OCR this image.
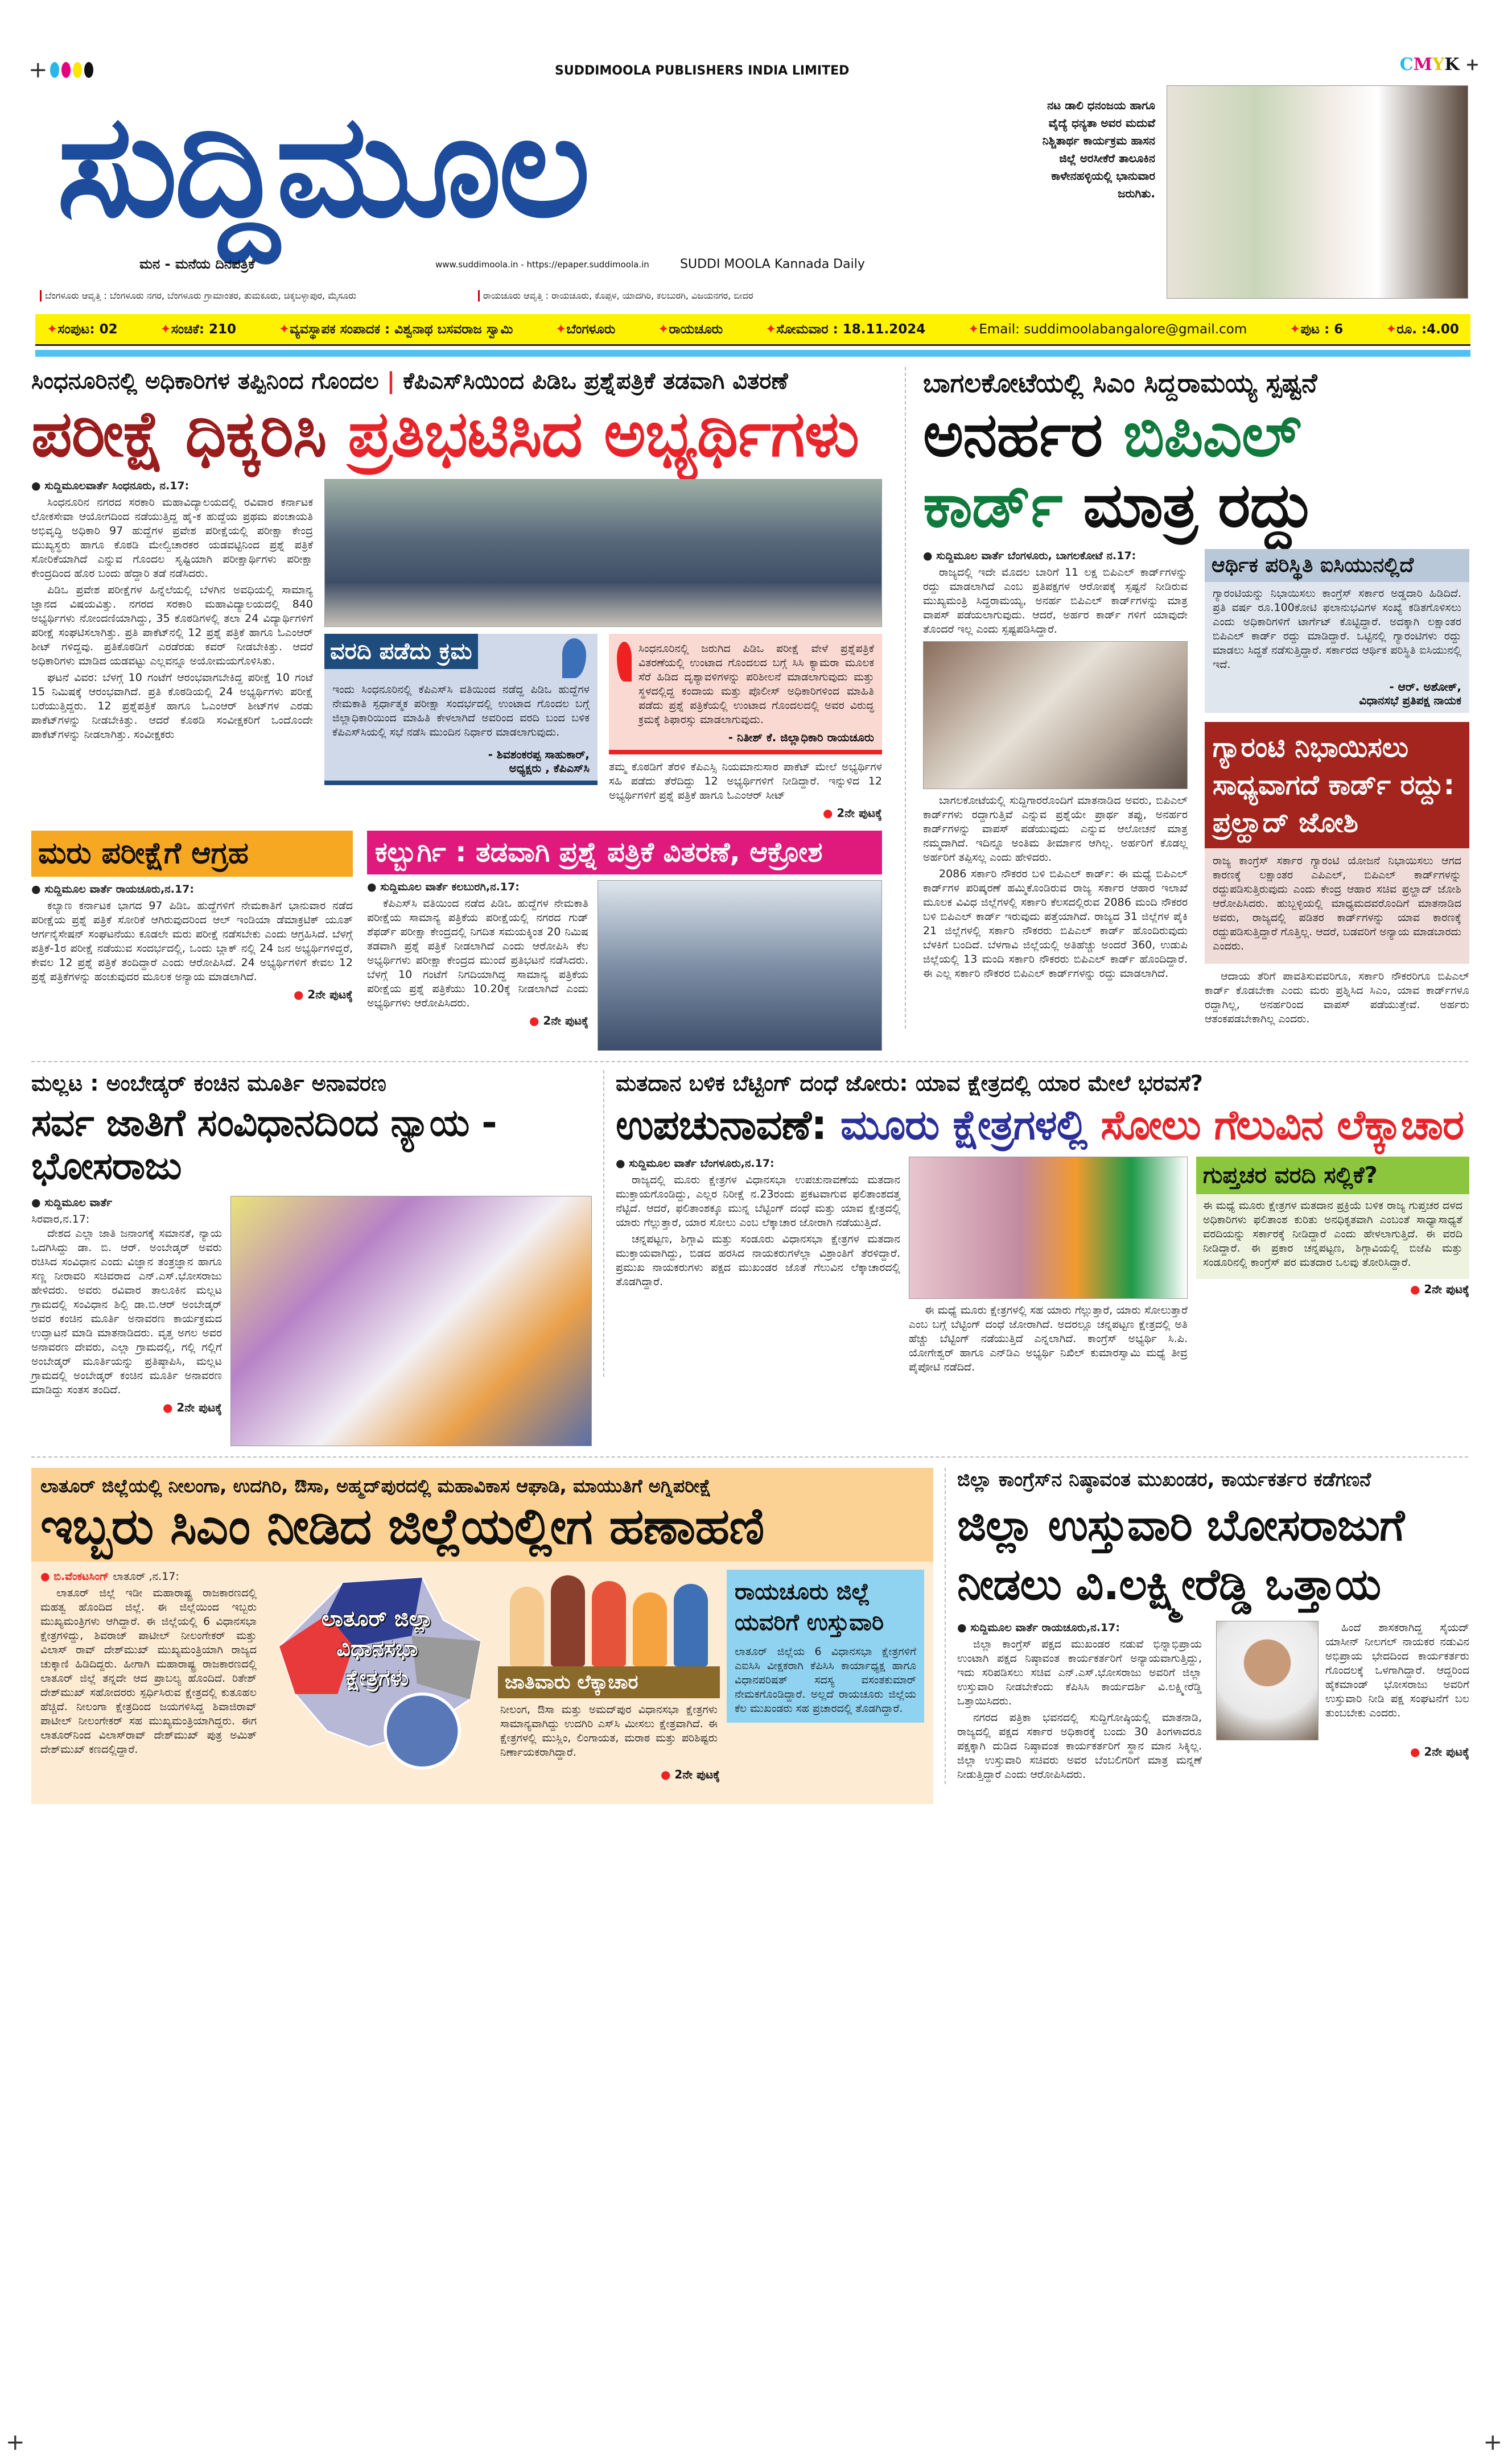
+	CMYK +
SUDDIMOOLA PUBLISHERS INDIA LIMITED
ಸುದ್ದಿಮೂಲ
ಮನ - ಮನೆಯ ದಿನಪತ್ರಿಕೆ	www.suddimoola.in - https://epaper.suddimoola.in SUDDI MOOLA Kannada Daily
ಬೆಂಗಳೂರು ಆವೃತ್ತಿ : ಬೆಂಗಳೂರು ನಗರ, ಬೆಂಗಳೂರು ಗ್ರಾಮಾಂತರ, ತುಮಕೂರು, ಚಿಕ್ಕಬಳ್ಳಾಪುರ, ಮೈಸೂರು	ರಾಯಚೂರು ಆವೃತ್ತಿ : ರಾಯಚೂರು, ಕೊಪ್ಪಳ, ಯಾದಗಿರಿ, ಕಲಬುರಗಿ, ವಿಜಯನಗರ, ಬೀದರ
ನಟ ಡಾಲಿ ಧನಂಜಯ ಹಾಗೂ ವೈದ್ಯೆ ಧನ್ಯತಾ ಅವರ ಮದುವೆ ನಿಶ್ಚಿತಾರ್ಥ ಕಾರ್ಯಕ್ರಮ ಹಾಸನ ಜಿಲ್ಲೆ ಅರಸೀಕೆರೆ ತಾಲೂಕಿನ ಕಾಳೇನಹಳ್ಳಿಯಲ್ಲಿ ಭಾನುವಾರ ಜರುಗಿತು.
✦ಸಂಪುಟ: 02	✦ಸಂಚಿಕೆ: 210	✦ವ್ಯವಸ್ಥಾಪಕ ಸಂಪಾದಕ : ವಿಶ್ವನಾಥ ಬಸವರಾಜ ಸ್ವಾಮಿ	✦ಬೆಂಗಳೂರು	✦ರಾಯಚೂರು	✦ಸೋಮವಾರ : 18.11.2024	✦Email: suddimoolabangalore@gmail.com	✦ಪುಟ : 6	✦ರೂ. :4.00
ಸಿಂಧನೂರಿನಲ್ಲಿ ಅಧಿಕಾರಿಗಳ ತಪ್ಪಿನಿಂದ ಗೊಂದಲ | ಕೆಪಿಎಸ್‌ಸಿಯಿಂದ ಪಿಡಿಒ ಪ್ರಶ್ನೆಪತ್ರಿಕೆ ತಡವಾಗಿ ವಿತರಣೆ
ಪರೀಕ್ಷೆ ಧಿಕ್ಕರಿಸಿ ಪ್ರತಿಭಟಿಸಿದ ಅಭ್ಯರ್ಥಿಗಳು
● ಸುದ್ದಿಮೂಲವಾರ್ತೆ ಸಿಂಧನೂರು, ನ.17:

ಸಿಂಧನೂರಿನ ನಗರದ ಸರಕಾರಿ ಮಹಾವಿದ್ಯಾಲಯದಲ್ಲಿ ರವಿವಾರ ಕರ್ನಾಟಕ ಲೋಕಸೇವಾ ಆಯೋಗದಿಂದ ನಡೆಯುತ್ತಿದ್ದ ಹೈ-ಕ ಹುದ್ದೆಯ ಪ್ರಥಮ ಪಂಚಾಯತಿ ಅಭಿವೃದ್ಧಿ ಅಧಿಕಾರಿ 97 ಹುದ್ದೆಗಳ ಪ್ರವೇಶ ಪರೀಕ್ಷೆಯಲ್ಲಿ ಪರೀಕ್ಷಾ ಕೇಂದ್ರ ಮುಖ್ಯಸ್ಥರು ಹಾಗೂ ಕೊಠಡಿ ಮೇಲ್ವಿಚಾರಕರ ಯಡವಟ್ಟಿನಿಂದ ಪ್ರಶ್ನೆ ಪತ್ರಿಕೆ ಸೋರಿಕೆಯಾಗಿದೆ ಎನ್ನುವ ಗೊಂದಲ ಸೃಷ್ಟಿಯಾಗಿ ಪರೀಕ್ಷಾರ್ಥಿಗಳು ಪರೀಕ್ಷಾ ಕೇಂದ್ರದಿಂದ ಹೊರ ಬಂದು ಹೆದ್ದಾರಿ ತಡೆ ನಡೆಸಿದರು.

ಪಿಡಿಒ ಪ್ರವೇಶ ಪರೀಕ್ಷೆಗಳ ಹಿನ್ನೆಲೆಯಲ್ಲಿ ಬೆಳಗಿನ ಅವಧಿಯಲ್ಲಿ ಸಾಮಾನ್ಯ ಜ್ಞಾನದ ವಿಷಯವಿತ್ತು. ನಗರದ ಸರಕಾರಿ ಮಹಾವಿದ್ಯಾಲಯದಲ್ಲಿ 840 ಅಭ್ಯರ್ಥಿಗಳು ನೋಂದಣಿಯಾಗಿದ್ದು, 35 ಕೊಠಡಿಗಳಲ್ಲಿ ತಲಾ 24 ವಿದ್ಯಾರ್ಥಿಗಳಿಗೆ ಪರೀಕ್ಷೆ ಸಂಘಟಿಸಲಾಗಿತ್ತು. ಪ್ರತಿ ಪಾಕೆಟ್‌ನಲ್ಲಿ 12 ಪ್ರಶ್ನೆ ಪತ್ರಿಕೆ ಹಾಗೂ ಓಎಂಆರ್ ಶೀಟ್ ಗಳಿದ್ದವು. ಪ್ರತಿಕೊಠಡಿಗೆ ಎರಡೆರಡು ಕವರ್ ನೀಡಬೇಕಿತ್ತು. ಆದರೆ ಅಧಿಕಾರಿಗಳು ಮಾಡಿದ ಯಡವಟ್ಟು ಎಲ್ಲವನ್ನೂ ಅಯೋಮಯಗೊಳಿಸಿತು.

ಘಟನೆ ವಿವರ: ಬೆಳಗ್ಗೆ 10 ಗಂಟೆಗೆ ಆರಂಭವಾಗಬೇಕಿದ್ದ ಪರೀಕ್ಷೆ 10 ಗಂಟೆ 15 ನಿಮಿಷಕ್ಕೆ ಆರಂಭವಾಗಿದೆ. ಪ್ರತಿ ಕೊಠಡಿಯಲ್ಲಿ 24 ಅಭ್ಯರ್ಥಿಗಳು ಪರೀಕ್ಷೆ ಬರೆಯುತ್ತಿದ್ದರು. 12 ಪ್ರಶ್ನೆಪತ್ರಿಕೆ ಹಾಗೂ ಓಎಂಆರ್ ಶೀಟ್‌ಗಳ ಎರಡು ಪಾಕೆಟ್‌ಗಳನ್ನು ನೀಡಬೇಕಿತ್ತು. ಆದರೆ ಕೊಠಡಿ ಸಂವೀಕ್ಷಕರಿಗೆ ಒಂದೊಂದೇ ಪಾಕೆಟ್‌ಗಳನ್ನು ನೀಡಲಾಗಿತ್ತು. ಸಂವೀಕ್ಷಕರು

ವರದಿ ಪಡೆದು ಕ್ರಮ
ಇಂದು ಸಿಂಧನೂರಿನಲ್ಲಿ ಕೆಪಿಎಸ್‌ಸಿ ವತಿಯಿಂದ ನಡೆದ್ದ ಪಿಡಿಒ ಹುದ್ದೆಗಳ ನೇಮಕಾತಿ ಸ್ಪರ್ಧಾತ್ಮಕ ಪರೀಕ್ಷಾ ಸಂದರ್ಭದಲ್ಲಿ ಉಂಟಾದ ಗೊಂದಲ ಬಗ್ಗೆ ಜಿಲ್ಲಾಧಿಕಾರಿಯಿಂದ ಮಾಹಿತಿ ಕೇಳಲಾಗಿದೆ ಅವರಿಂದ ವರದಿ ಬಂದ ಬಳಿಕ ಕೆಪಿಎಸ್‌ಸಿಯಲ್ಲಿ ಸಭೆ ನಡೆಸಿ ಮುಂದಿನ ನಿರ್ಧಾರ ಮಾಡಲಾಗುವುದು.
- ಶಿವಶಂಕರಪ್ಪ ಸಾಹುಕಾರ್,
ಅಧ್ಯಕ್ಷರು , ಕೆಪಿಎಸ್‌ಸಿ
ಸಿಂಧನೂರಿನಲ್ಲಿ ಜರುಗಿದ ಪಿಡಿಒ ಪರೀಕ್ಷೆ ವೇಳೆ ಪ್ರಶ್ನೆಪತ್ರಿಕೆ ವಿತರಣೆಯಲ್ಲಿ ಉಂಟಾದ ಗೊಂದಲದ ಬಗ್ಗೆ ಸಿಸಿ ಕ್ಯಾಮರಾ ಮೂಲಕ ಸೆರೆ ಹಿಡಿದ ದೃಶ್ಯಾವಳಿಗಳನ್ನು ಪರಿಶೀಲನೆ ಮಾಡಲಾಗುವುದು ಮತ್ತು ಸ್ಥಳದಲ್ಲಿದ್ದ ಕಂದಾಯ ಮತ್ತು ಪೊಲೀಸ್ ಅಧಿಕಾರಿಗಳಿಂದ ಮಾಹಿತಿ ಪಡೆದು ಪ್ರಶ್ನೆ ಪತ್ರಿಕೆಯಲ್ಲಿ ಉಂಟಾದ ಗೊಂದಲದಲ್ಲಿ ಅವರ ವಿರುದ್ಧ ಕ್ರಮಕ್ಕೆ ಶಿಫಾರಸ್ಸು ಮಾಡಲಾಗುವುದು.
- ನಿತೀಶ್ ಕೆ. ಜಿಲ್ಲಾಧಿಕಾರಿ ರಾಯಚೂರು
ತಮ್ಮ ಕೊಠಡಿಗೆ ತೆರಳಿ ಕೆಪಿಎಸ್ಸಿ ನಿಯಮಾನುಸಾರ ಪಾಕೆಟ್ ಮೇಲೆ ಅಭ್ಯರ್ಥಿಗಳ ಸಹಿ ಪಡೆದು ತೆರೆದಿದ್ದು 12 ಅಭ್ಯರ್ಥಿಗಳಿಗೆ ನೀಡಿದ್ದಾರೆ. ಇನ್ನುಳಿದ 12 ಅಭ್ಯರ್ಥಿಗಳಿಗೆ ಪ್ರಶ್ನೆ ಪತ್ರಿಕೆ ಹಾಗೂ ಓಎಂಆರ್ ಸೀಟ್
● 2ನೇ ಪುಟಕ್ಕೆ
ಮರು ಪರೀಕ್ಷೆಗೆ ಆಗ್ರಹ
● ಸುದ್ದಿಮೂಲ ವಾರ್ತೆ ರಾಯಚೂರು,ನ.17:

ಕಲ್ಯಾಣ ಕರ್ನಾಟಕ ಭಾಗದ 97 ಪಿಡಿಒ ಹುದ್ದೆಗಳಿಗೆ ನೇಮಕಾತಿಗೆ ಭಾನುವಾರ ನಡೆದ ಪರೀಕ್ಷೆಯ ಪ್ರಶ್ನೆ ಪತ್ರಿಕೆ ಸೋರಿಕೆ ಆಗಿರುವುದರಿಂದ ಆಲ್ ಇಂಡಿಯಾ ಡೆಮಾಕ್ರಟಿಕ್ ಯೂತ್ ಆರ್ಗನೈಸೇಷನ್ ಸಂಘಟನೆಯು ಕೂಡಲೇ ಮರು ಪರೀಕ್ಷೆ ನಡೆಸಬೇಕು ಎಂದು ಆಗ್ರಹಿಸಿದೆ. ಬೆಳಗ್ಗೆ ಪತ್ರಿಕೆ-1ರ ಪರೀಕ್ಷೆ ನಡೆಯುವ ಸಂದರ್ಭದಲ್ಲಿ, ಒಂದು ಬ್ಲಾಕ್ ನಲ್ಲಿ 24 ಜನ ಅಭ್ಯರ್ಥಿಗಳಿದ್ದರೆ, ಕೇವಲ 12 ಪ್ರಶ್ನೆ ಪತ್ರಿಕೆ ತಂದಿದ್ದಾರೆ ಎಂದು ಆರೋಪಿಸಿದೆ. 24 ಅಭ್ಯರ್ಥಿಗಳಿಗೆ ಕೇವಲ 12 ಪ್ರಶ್ನೆ ಪತ್ರಿಕೆಗಳನ್ನು ಹಂಚುವುದರ ಮೂಲಕ ಅನ್ಯಾಯ ಮಾಡಲಾಗಿದೆ.

● 2ನೇ ಪುಟಕ್ಕೆ
ಕಲ್ಬುರ್ಗಿ : ತಡವಾಗಿ ಪ್ರಶ್ನೆ ಪತ್ರಿಕೆ ವಿತರಣೆ, ಆಕ್ರೋಶ
● ಸುದ್ದಿಮೂಲ ವಾರ್ತೆ ಕಲಬುರಗಿ,ನ.17:

ಕೆಪಿಎಸ್‌ಸಿ ವತಿಯಿಂದ ನಡೆದ ಪಿಡಿಒ ಹುದ್ದೆಗಳ ನೇಮಕಾತಿ ಪರೀಕ್ಷೆಯ ಸಾಮಾನ್ಯ ಪತ್ರಿಕೆಯ ಪರೀಕ್ಷೆಯಲ್ಲಿ ನಗರದ ಗುಡ್ ಶೆಫರ್ಡ್ ಪರೀಕ್ಷಾ ಕೇಂದ್ರದಲ್ಲಿ ನಿಗದಿತ ಸಮಯಕ್ಕಿಂತ 20 ನಿಮಿಷ ತಡವಾಗಿ ಪ್ರಶ್ನೆ ಪತ್ರಿಕೆ ನೀಡಲಾಗಿದೆ ಎಂದು ಆರೋಪಿಸಿ ಕೆಲ ಅಭ್ಯರ್ಥಿಗಳು ಪರೀಕ್ಷಾ ಕೇಂದ್ರದ ಮುಂದೆ ಪ್ರತಿಭಟನೆ ನಡೆಸಿದರು. ಬೆಳಗ್ಗೆ 10 ಗಂಟೆಗೆ ನಿಗದಿಯಾಗಿದ್ದ ಸಾಮಾನ್ಯ ಪತ್ರಿಕೆಯ ಪರೀಕ್ಷೆಯ ಪ್ರಶ್ನೆ ಪತ್ರಿಕೆಯು 10.20ಕ್ಕೆ ನೀಡಲಾಗಿದೆ ಎಂದು ಅಭ್ಯರ್ಥಿಗಳು ಆರೋಪಿಸಿದರು.

● 2ನೇ ಪುಟಕ್ಕೆ
ಬಾಗಲಕೋಟೆಯಲ್ಲಿ ಸಿಎಂ ಸಿದ್ದರಾಮಯ್ಯ ಸ್ಪಷ್ಟನೆ
ಅನರ್ಹರ ಬಿಪಿಎಲ್
ಕಾರ್ಡ್ ಮಾತ್ರ ರದ್ದು
● ಸುದ್ದಿಮೂಲ ವಾರ್ತೆ ಬೆಂಗಳೂರು, ಬಾಗಲಕೋಟೆ ನ.17:

ರಾಜ್ಯದಲ್ಲಿ ಇದೇ ಮೊದಲ ಬಾರಿಗೆ 11 ಲಕ್ಷ ಬಿಪಿಎಲ್ ಕಾರ್ಡ್‌ಗಳನ್ನು ರದ್ದು ಮಾಡಲಾಗಿದೆ ಎಂಬ ಪ್ರತಿಪಕ್ಷಗಳ ಆರೋಪಕ್ಕೆ ಸ್ಪಷ್ಟನೆ ನೀಡಿರುವ ಮುಖ್ಯಮಂತ್ರಿ ಸಿದ್ದರಾಮಯ್ಯ, ಅನರ್ಹ ಬಿಪಿಎಲ್ ಕಾರ್ಡ್‌ಗಳನ್ನು ಮಾತ್ರ ವಾಪಸ್ ಪಡೆಯಲಾಗುವುದು. ಆದರೆ, ಅರ್ಹರ ಕಾರ್ಡ್ ಗಳಿಗೆ ಯಾವುದೇ ತೊಂದರೆ ಇಲ್ಲ ಎಂದು ಸ್ಪಷ್ಟಪಡಿಸಿದ್ದಾರೆ.

ಬಾಗಲಕೋಟೆಯಲ್ಲಿ ಸುದ್ದಿಗಾರರೊಂದಿಗೆ ಮಾತನಾಡಿದ ಅವರು, ಬಿಪಿಎಲ್ ಕಾರ್ಡ್‌ಗಳು ರದ್ದಾಗುತ್ತಿವೆ ಎನ್ನುವ ಪ್ರಶ್ನೆಯೇ ಪ್ರಾರ್ಥ ತಪ್ಪು, ಅನರ್ಹರ ಕಾರ್ಡ್‌ಗಳನ್ನು ವಾಪಸ್ ಪಡೆಯುವುದು ಎನ್ನುವ ಆಲೋಚನೆ ಮಾತ್ರ ನಮ್ಮದಾಗಿದೆ. ಇದಿನ್ನೂ ಅಂತಿಮ ತೀರ್ಮಾನ ಆಗಿಲ್ಲ. ಅರ್ಹರಿಗೆ ಕೊಡಲ್ಲ ಅರ್ಹರಿಗೆ ತಪ್ಪಿಸಲ್ಲ ಎಂದು ಹೇಳಿದರು.

2086 ಸರ್ಕಾರಿ ನೌಕರರ ಬಳಿ ಬಿಪಿಎಲ್ ಕಾರ್ಡ್: ಈ ಮಧ್ಯೆ ಬಿಪಿಎಲ್ ಕಾರ್ಡ್‌ಗಳ ಪರಿಷ್ಕರಣೆ ಹಮ್ಮಿಕೊಂಡಿರುವ ರಾಜ್ಯ ಸರ್ಕಾರ ಆಹಾರ ಇಲಾಖೆ ಮೂಲಕ ವಿವಿಧ ಜಿಲ್ಲೆಗಳಲ್ಲಿ ಸರ್ಕಾರಿ ಕೆಲಸದಲ್ಲಿರುವ 2086 ಮಂದಿ ನೌಕರರ ಬಳಿ ಬಿಪಿಎಲ್ ಕಾರ್ಡ್ ಇರುವುದು ಪತ್ತೆಯಾಗಿದೆ. ರಾಜ್ಯದ 31 ಜಿಲ್ಲೆಗಳ ಪೈಕಿ 21 ಜಿಲ್ಲೆಗಳಲ್ಲಿ ಸರ್ಕಾರಿ ನೌಕರರು ಬಿಪಿಎಲ್ ಕಾರ್ಡ್ ಹೊಂದಿರುವುದು ಬೆಳಕಿಗೆ ಬಂದಿದೆ. ಬೆಳಗಾವಿ ಜಿಲ್ಲೆಯಲ್ಲಿ ಅತಿಹೆಚ್ಚು ಅಂದರೆ 360, ಉಡುಪಿ ಜಿಲ್ಲೆಯಲ್ಲಿ 13 ಮಂದಿ ಸರ್ಕಾರಿ ನೌಕರರು ಬಿಪಿಎಲ್ ಕಾರ್ಡ್ ಹೊಂದಿದ್ದಾರೆ. ಈ ಎಲ್ಲ ಸರ್ಕಾರಿ ನೌಕರರ ಬಿಪಿಎಲ್ ಕಾರ್ಡ್‌ಗಳನ್ನು ರದ್ದು ಮಾಡಲಾಗಿದೆ.

ಆರ್ಥಿಕ ಪರಿಸ್ಥಿತಿ ಐಸಿಯುನಲ್ಲಿದೆ
ಗ್ಯಾರಂಟಿಯನ್ನು ನಿಭಾಯಿಸಲು ಕಾಂಗ್ರೆಸ್ ಸರ್ಕಾರ ಅಡ್ಡದಾರಿ ಹಿಡಿದಿದೆ. ಪ್ರತಿ ವರ್ಷ ರೂ.100ಕೋಟಿ ಫಲಾನುಭವಿಗಳ ಸಂಖ್ಯೆ ಕಡಿತಗೊಳಿಸಲು ಎಂದು ಅಧಿಕಾರಿಗಳಿಗೆ ಟಾರ್ಗೆಟ್ ಕೊಟ್ಟಿದ್ದಾರೆ. ಅದಕ್ಕಾಗಿ ಲಕ್ಷಾಂತರ ಬಿಪಿಎಲ್ ಕಾರ್ಡ್ ರದ್ದು ಮಾಡಿದ್ದಾರೆ. ಒಟ್ಟಿನಲ್ಲಿ ಗ್ಯಾರಂಟಿಗಳು ರದ್ದು ಮಾಡಲು ಸಿದ್ಧತೆ ನಡೆಸುತ್ತಿದ್ದಾರೆ. ಸರ್ಕಾರದ ಆರ್ಥಿಕ ಪರಿಸ್ಥಿತಿ ಐಸಿಯುನಲ್ಲಿ ಇದೆ.
- ಆರ್. ಅಶೋಕ್,
ವಿಧಾನಸಭೆ ಪ್ರತಿಪಕ್ಷ ನಾಯಕ
ಗ್ಯಾರಂಟಿ ನಿಭಾಯಿಸಲು ಸಾಧ್ಯವಾಗದೆ ಕಾರ್ಡ್ ರದ್ದು: ಪ್ರಲ್ಹಾದ್ ಜೋಶಿ
ರಾಜ್ಯ ಕಾಂಗ್ರೆಸ್ ಸರ್ಕಾರ ಗ್ಯಾರಂಟಿ ಯೋಜನೆ ನಿಭಾಯಿಸಲು ಆಗದ ಕಾರಣಕ್ಕೆ ಲಕ್ಷಾಂತರ ಎಪಿಎಲ್, ಬಿಪಿಎಲ್ ಕಾರ್ಡ್‌ಗಳನ್ನು ರದ್ದುಪಡಿಸುತ್ತಿರುವುದು ಎಂದು ಕೇಂದ್ರ ಆಹಾರ ಸಚಿವ ಪ್ರಲ್ಹಾದ್ ಜೋಶಿ ಆರೋಪಿಸಿದರು. ಹುಬ್ಬಳ್ಳಿಯಲ್ಲಿ ಮಾಧ್ಯಮದವರೊಂದಿಗೆ ಮಾತನಾಡಿದ ಅವರು, ರಾಜ್ಯದಲ್ಲಿ ಪಡಿತರ ಕಾರ್ಡ್‌ಗಳನ್ನು ಯಾವ ಕಾರಣಕ್ಕೆ ರದ್ದುಪಡಿಸುತ್ತಿದ್ದಾರೆ ಗೊತ್ತಿಲ್ಲ. ಆದರೆ, ಬಡವರಿಗೆ ಅನ್ಯಾಯ ಮಾಡಬಾರದು ಎಂದರು.

ಆದಾಯ ತೆರಿಗೆ ಪಾವತಿಸುವವರಿಗೂ, ಸರ್ಕಾರಿ ನೌಕರರಿಗೂ ಬಿಪಿಎಲ್ ಕಾರ್ಡ್ ಕೊಡಬೇಕಾ ಎಂದು ಮರು ಪ್ರಶ್ನಿಸಿದ ಸಿಎಂ, ಯಾವ ಕಾರ್ಡ್‌ಗಳೂ ರದ್ದಾಗಿಲ್ಲ, ಅನರ್ಹರಿಂದ ವಾಪಸ್ ಪಡೆಯುತ್ತೇವೆ. ಅರ್ಹರು ಆತಂಕಪಡಬೇಕಾಗಿಲ್ಲ ಎಂದರು.

ಮಲ್ಲಟ : ಅಂಬೇಡ್ಕರ್ ಕಂಚಿನ ಮೂರ್ತಿ ಅನಾವರಣ
ಸರ್ವ ಜಾತಿಗೆ ಸಂವಿಧಾನದಿಂದ ನ್ಯಾಯ - ಭೋಸರಾಜು
● ಸುದ್ದಿಮೂಲ ವಾರ್ತೆ
ಸಿರವಾರ,ನ.17:

ದೇಶದ ಎಲ್ಲಾ ಜಾತಿ ಜನಾಂಗಕ್ಕೆ ಸಮಾನತೆ, ನ್ಯಾಯ ಒದಗಿಸಿದ್ದು ಡಾ. ಬಿ. ಆರ್. ಅಂಬೇಡ್ಕರ್ ಅವರು ರಚಿಸಿದ ಸಂವಿಧಾನ ಎಂದು ವಿಜ್ಞಾನ ತಂತ್ರಜ್ಞಾನ ಹಾಗೂ ಸಣ್ಣ ನೀರಾವರಿ ಸಚಿವರಾದ ಎನ್.ಎಸ್.ಭೋಸರಾಜು ಹೇಳಿದರು. ಅವರು ರವಿವಾರ ತಾಲೂಕಿನ ಮಲ್ಲಟ ಗ್ರಾಮದಲ್ಲಿ ಸಂವಿಧಾನ ಶಿಲ್ಪಿ ಡಾ.ಬಿ.ಆರ್ ಅಂಬೇಡ್ಕರ್ ಅವರ ಕಂಚಿನ ಮೂರ್ತಿ ಅನಾವರಣ ಕಾರ್ಯಕ್ರಮದ ಉದ್ಘಾಟನೆ ಮಾಡಿ ಮಾತನಾಡಿದರು. ವೃತ್ತ ಅಗಲ ಅವರ ಅನಾವರಣ ದೇವರು, ಎಲ್ಲಾ ಗ್ರಾಮದಲ್ಲಿ, ಗಲ್ಲಿ ಗಲ್ಲಿಗೆ ಅಂಬೇಡ್ಕರ್ ಮೂರ್ತಿಯನ್ನು ಪ್ರತಿಷ್ಠಾಪಿಸಿ, ಮಲ್ಲಟ ಗ್ರಾಮದಲ್ಲಿ ಅಂಬೇಡ್ಕರ್ ಕಂಚಿನ ಮೂರ್ತಿ ಅನಾವರಣ ಮಾಡಿದ್ದು ಸಂತಸ ತಂದಿದೆ.

● 2ನೇ ಪುಟಕ್ಕೆ
ಮತದಾನ ಬಳಿಕ ಬೆಟ್ಟಿಂಗ್ ದಂಧೆ ಜೋರು: ಯಾವ ಕ್ಷೇತ್ರದಲ್ಲಿ ಯಾರ ಮೇಲೆ ಭರವಸೆ?
ಉಪಚುನಾವಣೆ: ಮೂರು ಕ್ಷೇತ್ರಗಳಲ್ಲಿ ಸೋಲು ಗೆಲುವಿನ ಲೆಕ್ಕಾಚಾರ
● ಸುದ್ದಿಮೂಲ ವಾರ್ತೆ ಬೆಂಗಳೂರು,ನ.17:

ರಾಜ್ಯದಲ್ಲಿ ಮೂರು ಕ್ಷೇತ್ರಗಳ ವಿಧಾನಸಭಾ ಉಪಚುನಾವಣೆಯ ಮತದಾನ ಮುಕ್ತಾಯಗೊಂಡಿದ್ದು, ಎಲ್ಲರ ನಿರೀಕ್ಷೆ ನ.23ರಂದು ಪ್ರಕಟವಾಗುವ ಫಲಿತಾಂಶದತ್ತ ನೆಟ್ಟಿದೆ. ಆದರೆ, ಫಲಿತಾಂಶಕ್ಕೂ ಮುನ್ನ ಬೆಟ್ಟಿಂಗ್ ದಂಧೆ ಮತ್ತು ಯಾವ ಕ್ಷೇತ್ರದಲ್ಲಿ ಯಾರು ಗೆಲ್ಲುತ್ತಾರೆ, ಯಾರ ಸೋಲು ಎಂಬ ಲೆಕ್ಕಾಚಾರ ಜೋರಾಗಿ ನಡೆಯುತ್ತಿದೆ.

ಚನ್ನಪಟ್ಟಣ, ಶಿಗ್ಗಾವಿ ಮತ್ತು ಸಂಡೂರು ವಿಧಾನಸಭಾ ಕ್ಷೇತ್ರಗಳ ಮತದಾನ ಮುಕ್ತಾಯವಾಗಿದ್ದು, ಬಿಡದ ಹರಸಿದ ನಾಯಕರುಗಳೆಲ್ಲಾ ವಿಶ್ರಾಂತಿಗೆ ತೆರಳಿದ್ದಾರೆ. ಪ್ರಮುಖ ನಾಯಕರುಗಳು ಪಕ್ಷದ ಮುಖಂಡರ ಜೊತೆ ಗೆಲುವಿನ ಲೆಕ್ಕಾಚಾರದಲ್ಲಿ ತೊಡಗಿದ್ದಾರೆ.

ಈ ಮಧ್ಯೆ ಮೂರು ಕ್ಷೇತ್ರಗಳಲ್ಲಿ ಸಹ ಯಾರು ಗೆಲ್ಲುತ್ತಾರೆ, ಯಾರು ಸೋಲುತ್ತಾರೆ ಎಂಬ ಬಗ್ಗೆ ಬೆಟ್ಟಿಂಗ್ ದಂಧೆ ಜೋರಾಗಿದೆ. ಅದರಲ್ಲೂ ಚನ್ನಪಟ್ಟಣ ಕ್ಷೇತ್ರದಲ್ಲಿ ಅತಿ ಹೆಚ್ಚು ಬೆಟ್ಟಿಂಗ್ ನಡೆಯುತ್ತಿದೆ ಎನ್ನಲಾಗಿದೆ. ಕಾಂಗ್ರೆಸ್ ಅಭ್ಯರ್ಥಿ ಸಿ.ಪಿ. ಯೋಗೇಶ್ವರ್ ಹಾಗೂ ಎನ್‌ಡಿಎ ಅಭ್ಯರ್ಥಿ ನಿಖಿಲ್ ಕುಮಾರಸ್ವಾಮಿ ಮಧ್ಯೆ ತೀವ್ರ ಪೈಪೋಟಿ ನಡೆದಿದೆ.

ಗುಪ್ತಚರ ವರದಿ ಸಲ್ಲಿಕೆ?
ಈ ಮಧ್ಯೆ ಮೂರು ಕ್ಷೇತ್ರಗಳ ಮತದಾನ ಪ್ರಕ್ರಿಯೆ ಬಳಿಕ ರಾಜ್ಯ ಗುಪ್ತಚರ ದಳದ ಅಧಿಕಾರಿಗಳು ಫಲಿತಾಂಶ ಕುರಿತು ಅನಧಿಕೃತವಾಗಿ ಎಂಬಂತೆ ಸಾಧ್ಯಾಸಾಧ್ಯತೆ ವರದಿಯನ್ನು ಸರ್ಕಾರಕ್ಕೆ ನೀಡಿದ್ದಾರೆ ಎಂದು ಹೇಳಲಾಗುತ್ತಿದೆ. ಈ ವರದಿ ನೀಡಿದ್ದಾರೆ. ಈ ಪ್ರಕಾರ ಚನ್ನಪಟ್ಟಣ, ಶಿಗ್ಗಾವಿಯಲ್ಲಿ ಬಿಜೆಪಿ ಮತ್ತು ಸಂಡೂರಿನಲ್ಲಿ ಕಾಂಗ್ರೆಸ್ ಪರ ಮತದಾರ ಒಲವು ತೋರಿಸಿದ್ದಾರೆ.
● 2ನೇ ಪುಟಕ್ಕೆ
ಲಾತೂರ್ ಜಿಲ್ಲೆಯಲ್ಲಿ ನೀಲಂಗಾ, ಉದಗಿರಿ, ಔಸಾ, ಅಹ್ಮದ್‌ಪುರದಲ್ಲಿ ಮಹಾವಿಕಾಸ ಆಘಾಡಿ, ಮಾಯುತಿಗೆ ಅಗ್ನಿಪರೀಕ್ಷೆ
ಇಬ್ಬರು ಸಿಎಂ ನೀಡಿದ ಜಿಲ್ಲೆಯಲ್ಲೀಗ ಹಣಾಹಣಿ
● ಬಿ.ವೆಂಕಟಸಿಂಗ್ ಲಾತೂರ್ ,ನ.17:

ಲಾತೂರ್ ಜಿಲ್ಲೆ ಇಡೀ ಮಹಾರಾಷ್ಟ್ರ ರಾಜಕಾರಣದಲ್ಲಿ ಮಹತ್ವ ಹೊಂದಿದ ಜಿಲ್ಲೆ. ಈ ಜಿಲ್ಲೆಯಿಂದ ಇಬ್ಬರು ಮುಖ್ಯಮಂತ್ರಿಗಳು ಆಗಿದ್ದಾರೆ. ಈ ಜಿಲ್ಲೆಯಲ್ಲಿ 6 ವಿಧಾನಸಭಾ ಕ್ಷೇತ್ರಗಳಿದ್ದು, ಶಿವರಾಜ್ ಪಾಟೀಲ್ ನೀಲಂಗೇಕರ್ ಮತ್ತು ವಿಲಾಸ್ ರಾವ್ ದೇಶ್‌ಮುಖ್ ಮುಖ್ಯಮಂತ್ರಿಯಾಗಿ ರಾಜ್ಯದ ಚುಕ್ಕಾಣಿ ಹಿಡಿದಿದ್ದರು. ಹೀಗಾಗಿ ಮಹಾರಾಷ್ಟ್ರ ರಾಜಕಾರಣದಲ್ಲಿ ಲಾತೂರ್ ಜಿಲ್ಲೆ ತನ್ನದೇ ಆದ ಪ್ರಾಬಲ್ಯ ಹೊಂದಿದೆ. ರಿತೇಶ್ ದೇಶ್‌ಮುಖ್ ಸಹೋದರರು ಸ್ಪರ್ಧಿಸಿರುವ ಕ್ಷೇತ್ರದಲ್ಲಿ ಕುತೂಹಲ ಹೆಚ್ಚಿದೆ. ನೀಲಂಗಾ ಕ್ಷೇತ್ರದಿಂದ ಜಯಗಳಿಸಿದ್ದ ಶಿವಾಜಿರಾವ್ ಪಾಟೀಲ್ ನೀಲಂಗೇಕರ್ ಸಹ ಮುಖ್ಯಮಂತ್ರಿಯಾಗಿದ್ದರು. ಈಗ ಲಾತೂರ್‌ನಿಂದ ವಿಲಾಸ್‌ರಾವ್ ದೇಶ್‌ಮುಖ್ ಪುತ್ರ ಅಮಿತ್ ದೇಶ್‌ಮುಖ್ ಕಣದಲ್ಲಿದ್ದಾರೆ.

ಲಾತೂರ್ ಜಿಲ್ಲಾ ವಿಧಾನಸಭಾ ಕ್ಷೇತ್ರಗಳು	ಜಾತಿವಾರು ಲೆಕ್ಕಾಚಾರ
ನೀಲಂಗ, ಔಸಾ ಮತ್ತು ಅಮದ್‌ಪುರ ವಿಧಾನಸಭಾ ಕ್ಷೇತ್ರಗಳು ಸಾಮಾನ್ಯವಾಗಿದ್ದು ಉದಗಿರಿ ಎಸ್‌ಸಿ ಮೀಸಲು ಕ್ಷೇತ್ರವಾಗಿದೆ. ಈ ಕ್ಷೇತ್ರಗಳಲ್ಲಿ ಮುಸ್ಲಿಂ, ಲಿಂಗಾಯತ, ಮರಾಠ ಮತ್ತು ಪರಿಶಿಷ್ಟರು ನಿರ್ಣಾಯಕರಾಗಿದ್ದಾರೆ.
● 2ನೇ ಪುಟಕ್ಕೆ
ರಾಯಚೂರು ಜಿಲ್ಲೆ ಯವರಿಗೆ ಉಸ್ತುವಾರಿ
ಲಾತೂರ್ ಜಿಲ್ಲೆಯ 6 ವಿಧಾನಸಭಾ ಕ್ಷೇತ್ರಗಳಿಗೆ ಎಐಸಿಸಿ ವೀಕ್ಷಕರಾಗಿ ಕೆಪಿಸಿಸಿ ಕಾರ್ಯಾಧ್ಯಕ್ಷ ಹಾಗೂ ವಿಧಾನಪರಿಷತ್ ಸದಸ್ಯ ವಸಂತಕುಮಾರ್ ನೇಮಕಗೊಂಡಿದ್ದಾರೆ. ಅಲ್ಲದೆ ರಾಯಚೂರು ಜಿಲ್ಲೆಯ ಕೆಲ ಮುಖಂಡರು ಸಹ ಪ್ರಚಾರದಲ್ಲಿ ತೊಡಗಿದ್ದಾರೆ.
ಜಿಲ್ಲಾ ಕಾಂಗ್ರೆಸ್‌ನ ನಿಷ್ಠಾವಂತ ಮುಖಂಡರ, ಕಾರ್ಯಕರ್ತರ ಕಡೆಗಣನೆ
ಜಿಲ್ಲಾ ಉಸ್ತುವಾರಿ ಬೋಸರಾಜುಗೆ
ನೀಡಲು ವಿ.ಲಕ್ಷ್ಮೀರೆಡ್ಡಿ ಒತ್ತಾಯ
● ಸುದ್ದಿಮೂಲ ವಾರ್ತೆ ರಾಯಚೂರು,ನ.17:

ಜಿಲ್ಲಾ ಕಾಂಗ್ರೆಸ್ ಪಕ್ಷದ ಮುಖಂಡರ ನಡುವೆ ಭಿನ್ನಾಭಿಪ್ರಾಯ ಉಂಟಾಗಿ ಪಕ್ಷದ ನಿಷ್ಠಾವಂತ ಕಾರ್ಯಕರ್ತರಿಗೆ ಅನ್ಯಾಯವಾಗುತ್ತಿದ್ದು, ಇದು ಸರಿಪಡಿಸಲು ಸಚಿವ ಎನ್.ಎಸ್.ಭೋಸರಾಜು ಅವರಿಗೆ ಜಿಲ್ಲಾ ಉಸ್ತುವಾರಿ ನೀಡಬೇಕೆಂದು ಕೆಪಿಸಿಸಿ ಕಾರ್ಯದರ್ಶಿ ವಿ.ಲಕ್ಷ್ಮೀರೆಡ್ಡಿ ಒತ್ತಾಯಿಸಿದರು.

ನಗರದ ಪತ್ರಿಕಾ ಭವನದಲ್ಲಿ ಸುದ್ದಿಗೋಷ್ಠಿಯಲ್ಲಿ ಮಾತನಾಡಿ, ರಾಜ್ಯದಲ್ಲಿ ಪಕ್ಷದ ಸರ್ಕಾರ ಅಧಿಕಾರಕ್ಕೆ ಬಂದು 30 ತಿಂಗಳಾದರೂ ಪಕ್ಷಕ್ಕಾಗಿ ದುಡಿದ ನಿಷ್ಠಾವಂತ ಕಾರ್ಯಕರ್ತರಿಗೆ ಸ್ಥಾನ ಮಾನ ಸಿಕ್ಕಿಲ್ಲ. ಜಿಲ್ಲಾ ಉಸ್ತುವಾರಿ ಸಚಿವರು ಅವರ ಬೆಂಬಲಿಗರಿಗೆ ಮಾತ್ರ ಮನ್ನಣೆ ನೀಡುತ್ತಿದ್ದಾರೆ ಎಂದು ಆರೋಪಿಸಿದರು.

ಹಿಂದೆ ಶಾಸಕರಾಗಿದ್ದ ಸೈಯದ್ ಯಾಸೀನ್ ನೀಲಗಲ್ ನಾಯಕರ ನಡುವಿನ ಅಭಿಪ್ರಾಯ ಭೇದದಿಂದ ಕಾರ್ಯಕರ್ತರು ಗೊಂದಲಕ್ಕೆ ಒಳಗಾಗಿದ್ದಾರೆ. ಆದ್ದರಿಂದ ಹೈಕಮಾಂಡ್ ಭೋಸರಾಜು ಅವರಿಗೆ ಉಸ್ತುವಾರಿ ನೀಡಿ ಪಕ್ಷ ಸಂಘಟನೆಗೆ ಬಲ ತುಂಬಬೇಕು ಎಂದರು.

● 2ನೇ ಪುಟಕ್ಕೆ
+	+
